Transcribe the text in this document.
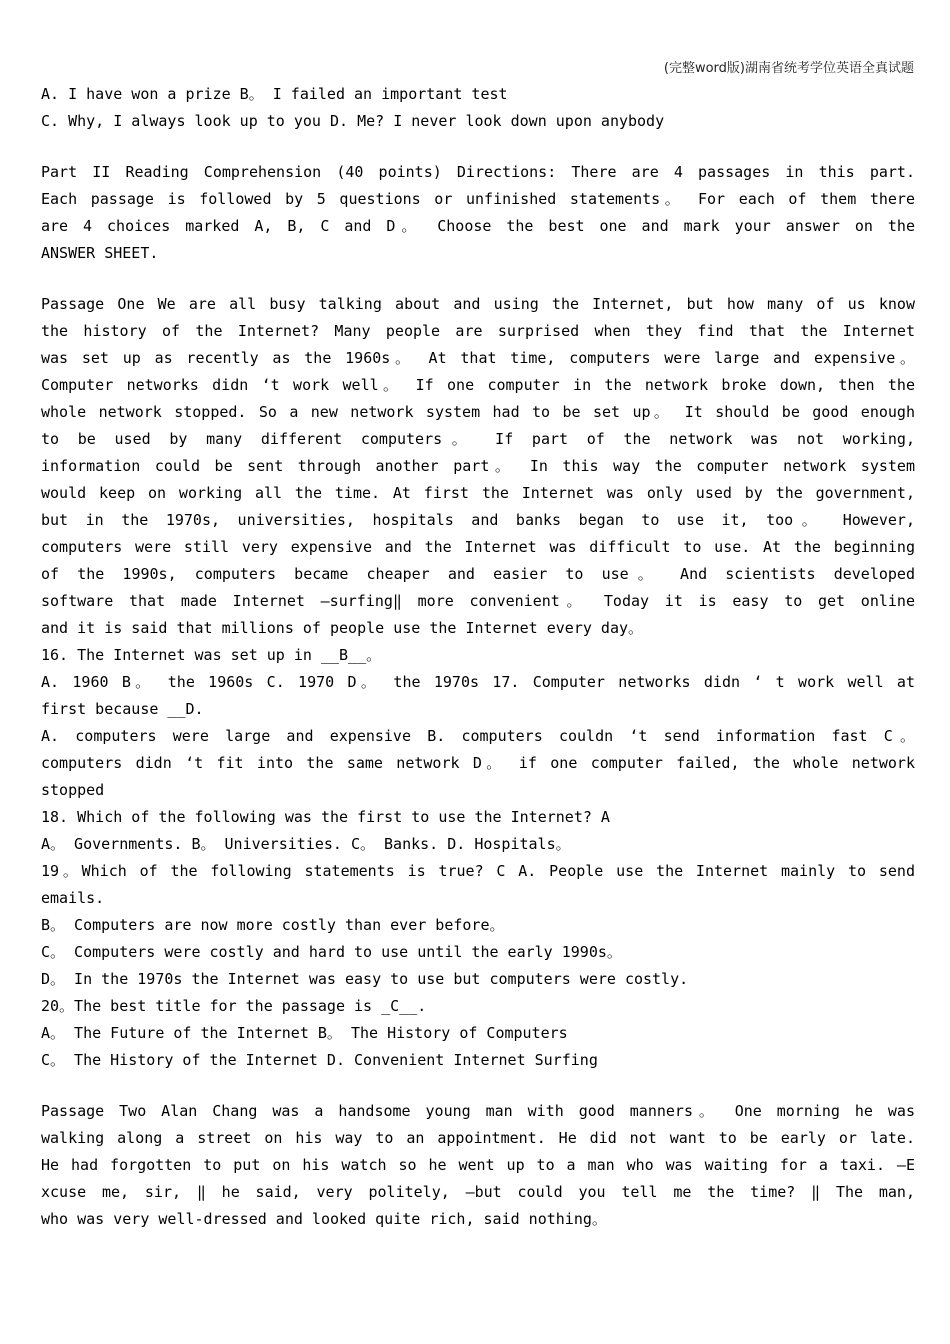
(完整word版)湖南省统考学位英语全真试题
A. I have won a prize B。 I failed an important test
C. Why, I always look up to you D. Me? I never look down upon anybody
Part II Reading Comprehension (40 points) Directions: There are 4 passages in this part.
Each passage is followed by 5 questions or unfinished statements。 For each of them there
are 4 choices marked A, B, C and D。 Choose the best one and mark your answer on the
ANSWER SHEET.
Passage One We are all busy talking about and using the Internet, but how many of us know
the history of the Internet? Many people are surprised when they find that the Internet
was set up as recently as the 1960s。 At that time, computers were large and expensive。
Computer networks didn ‘t work well。 If one computer in the network broke down, then the
whole network stopped. So a new network system had to be set up。 It should be good enough
to be used by many different computers。 If part of the network was not working,
information could be sent through another part。 In this way the computer network system
would keep on working all the time. At first the Internet was only used by the government,
but in the 1970s, universities, hospitals and banks began to use it, too。 However,
computers were still very expensive and the Internet was difficult to use. At the beginning
of the 1990s, computers became cheaper and easier to use。 And scientists developed
software that made Internet ―surfing‖ more convenient。 Today it is easy to get online
and it is said that millions of people use the Internet every day。
16. The Internet was set up in __B__。
A. 1960 B。 the 1960s C. 1970 D。 the 1970s 17. Computer networks didn ‘ t work well at
first because __D.
A. computers were large and expensive B. computers couldn ‘t send information fast C。
computers didn ‘t fit into the same network D。 if one computer failed, the whole network
stopped
18. Which of the following was the first to use the Internet? A
A。 Governments. B。 Universities. C。 Banks. D. Hospitals。
19。Which of the following statements is true? C A. People use the Internet mainly to send
emails.
B。 Computers are now more costly than ever before。
C。 Computers were costly and hard to use until the early 1990s。
D。 In the 1970s the Internet was easy to use but computers were costly.
20。The best title for the passage is _C__.
A。 The Future of the Internet B。 The History of Computers
C。 The History of the Internet D. Convenient Internet Surfing
Passage Two Alan Chang was a handsome young man with good manners。 One morning he was
walking along a street on his way to an appointment. He did not want to be early or late.
He had forgotten to put on his watch so he went up to a man who was waiting for a taxi. ―E
xcuse me, sir, ‖ he said, very politely, ―but could you tell me the time? ‖ The man,
who was very well-dressed and looked quite rich, said nothing。
